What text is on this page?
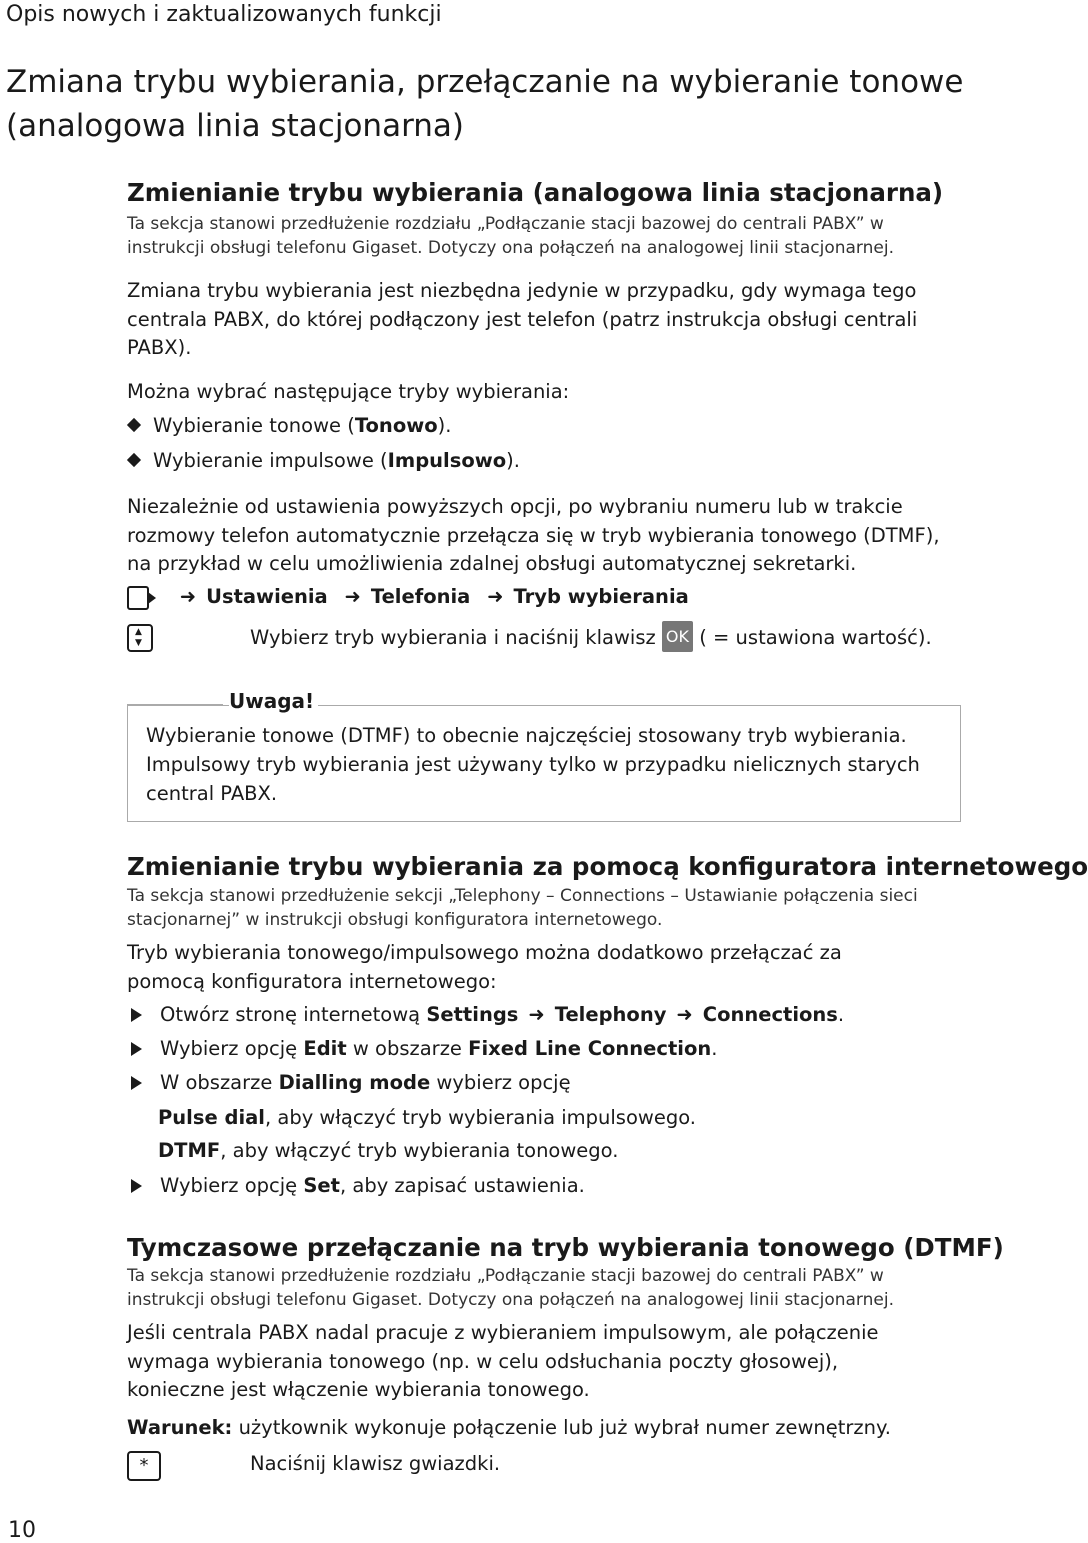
Opis nowych i zaktualizowanych funkcji
Zmiana trybu wybierania, przełączanie na wybieranie tonowe
(analogowa linia stacjonarna)
Zmienianie trybu wybierania (analogowa linia stacjonarna)
Ta sekcja stanowi przedłużenie rozdziału „Podłączanie stacji bazowej do centrali PABX” w
instrukcji obsługi telefonu Gigaset. Dotyczy ona połączeń na analogowej linii stacjonarnej.
Zmiana trybu wybierania jest niezbędna jedynie w przypadku, gdy wymaga tego
centrala PABX, do której podłączony jest telefon (patrz instrukcja obsługi centrali
PABX).
Można wybrać następujące tryby wybierania:
Wybieranie tonowe (Tonowo).
Wybieranie impulsowe (Impulsowo).
Niezależnie od ustawienia powyższych opcji, po wybraniu numeru lub w trakcie
rozmowy telefon automatycznie przełącza się w tryb wybierania tonowego (DTMF),
na przykład w celu umożliwienia zdalnej obsługi automatycznej sekretarki.
➜ Ustawienia ➜ Telefonia ➜ Tryb wybierania
▲
▼	Wybierz tryb wybierania i naciśnij klawisz OK ( = ustawiona wartość).
Uwaga!
Wybieranie tonowe (DTMF) to obecnie najczęściej stosowany tryb wybierania.
Impulsowy tryb wybierania jest używany tylko w przypadku nielicznych starych
central PABX.
Zmienianie trybu wybierania za pomocą konfiguratora internetowego
Ta sekcja stanowi przedłużenie sekcji „Telephony – Connections – Ustawianie połączenia sieci
stacjonarnej” w instrukcji obsługi konfiguratora internetowego.
Tryb wybierania tonowego/impulsowego można dodatkowo przełączać za
pomocą konfiguratora internetowego:
Otwórz stronę internetową Settings ➜ Telephony ➜ Connections.
Wybierz opcję Edit w obszarze Fixed Line Connection.
W obszarze Dialling mode wybierz opcję
Pulse dial, aby włączyć tryb wybierania impulsowego.
DTMF, aby włączyć tryb wybierania tonowego.
Wybierz opcję Set, aby zapisać ustawienia.
Tymczasowe przełączanie na tryb wybierania tonowego (DTMF)
Ta sekcja stanowi przedłużenie rozdziału „Podłączanie stacji bazowej do centrali PABX” w
instrukcji obsługi telefonu Gigaset. Dotyczy ona połączeń na analogowej linii stacjonarnej.
Jeśli centrala PABX nadal pracuje z wybieraniem impulsowym, ale połączenie
wymaga wybierania tonowego (np. w celu odsłuchania poczty głosowej),
konieczne jest włączenie wybierania tonowego.
Warunek: użytkownik wykonuje połączenie lub już wybrał numer zewnętrzny.
*	Naciśnij klawisz gwiazdki.
10
